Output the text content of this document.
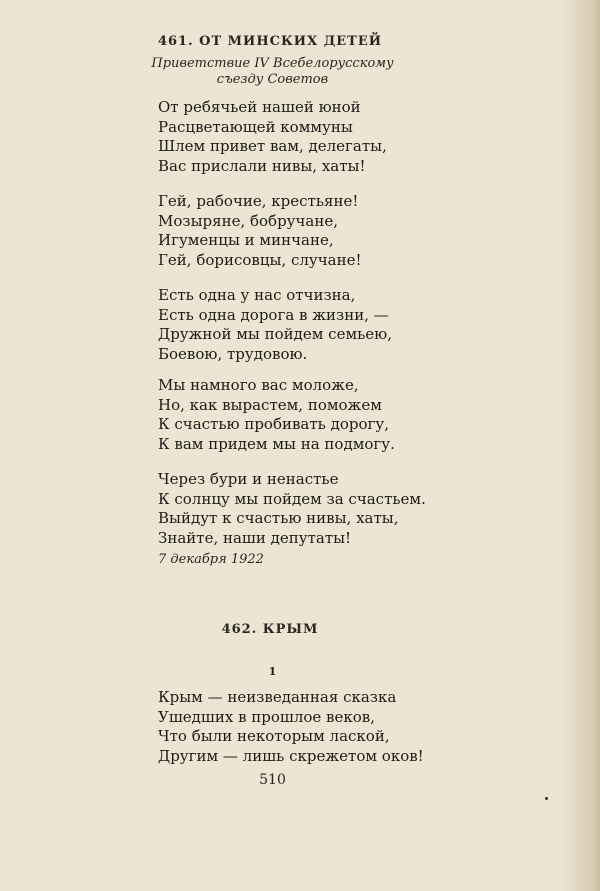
461. ОТ МИНСКИХ ДЕТЕЙ
Приветствие IV Всебелорусскому
съезду Советов
От ребячьей нашей юной
Расцветающей коммуны
Шлем привет вам, делегаты,
Вас прислали нивы, хаты!
Гей, рабочие, крестьяне!
Мозыряне, бобручане,
Игуменцы и минчане,
Гей, борисовцы, случане!
Есть одна у нас отчизна,
Есть одна дорога в жизни, —
Дружной мы пойдем семьею,
Боевою, трудовою.
Мы намного вас моложе,
Но, как вырастем, поможем
К счастью пробивать дорогу,
К вам придем мы на подмогу.
Через бури и ненастье
К солнцу мы пойдем за счастьем.
Выйдут к счастью нивы, хаты,
Знайте, наши депутаты!
7 декабря 1922
462. КРЫМ
1
Крым — неизведанная сказка
Ушедших в прошлое веков,
Что были некоторым лаской,
Другим — лишь скрежетом оков!
510
